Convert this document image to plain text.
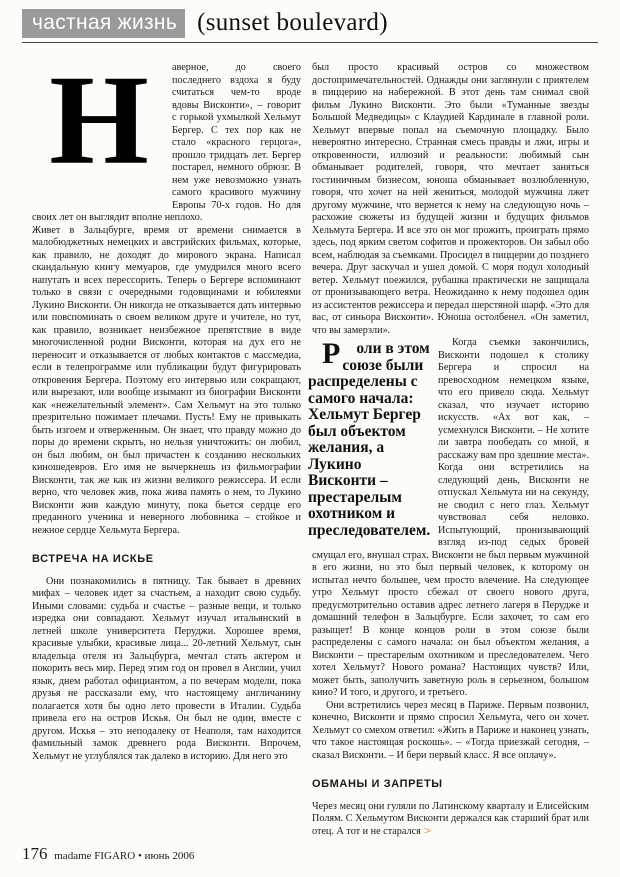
частная жизнь (sunset boulevard)
Н	авернoе, дo своего последнего вздоха я буду считаться чем-то вроде вдовы Висконти», – говорит с горькой ухмылкой Хельмут Бергер. С тех пор как не стало «красного герцога», прошло тридцать лет. Бергер постарел, немного обрюзг. В нем уже невозможно узнать самого красивого мужчину Европы 70-х годов. Но для своих лет он выглядит вполне неплохо.

Живет в Зальцбурге, время от времени снимается в малобюджетных немецких и австрийских фильмах, которые, как правило, не доходят до мирового экрана. Написал скандальную книгу мемуаров, где умудрился много всего напутать и всех перессорить. Теперь о Бергере вспоминают только в связи с очередными годовщинами и юбилеями Лукино Висконти. Он никогда не отказывается дать интервью или повспоминать о своем великом друге и учителе, но тут, как правило, возникает неизбежное препятствие в виде многочисленной родни Висконти, которая на дух его не переносит и отказывается от любых контактов с массмедиа, если в телепрограмме или публикации будут фигурировать откровения Бергера. Поэтому его интервью или сокращают, или вырезают, или вообще изымают из биографии Висконти как «нежелательный элемент». Сам Хельмут на это только презрительно пожимает плечами. Пусть! Ему не привыкать быть изгоем и отверженным. Он знает, что правду можно до поры до времени скрыть, но нельзя уничтожить: он любил, он был любим, он был причастен к созданию нескольких киношедевров. Его имя не вычеркнешь из фильмографии Висконти, так же как из жизни великого режиссера. И если верно, что человек жив, пока жива память о нем, то Лукино Висконти жив каждую минуту, пока бьется сердце его преданного ученика и неверного любовника – стойкое и нежное сердце Хельмута Бергера.

ВСТРЕЧА НА ИСКЬЕ

Они познакомились в пятницу. Так бывает в древних мифах – человек идет за счастьем, а находит свою судьбу. Иными словами: судьба и счастье – разные вещи, и только изредка они совпадают. Хельмут изучал итальянский в летней школе университета Перуджи. Хорошее время, красивые улыбки, красивые лица... 20-летний Хельмут, сын владельца отеля из Зальцбурга, мечтал стать актером и покорить весь мир. Перед этим год он провел в Англии, учил язык, днем работал официантом, а по вечерам модели, пока друзья не рассказали ему, что настоящему англичанину полагается хотя бы одно лето провести в Италии. Судьба привела его на остров Искья. Он был не один, вместе с другом. Искья – это неподалеку от Неаполя, там находится фамильный замок древнего рода Висконти. Впрочем, Хельмут не углублялся так далеко в историю. Для него это

был просто красивый остров со множеством достопримечательностей. Однажды они заглянули с приятелем в пиццерию на набережной. В этот день там снимал свой фильм Лукино Висконти. Это были «Туманные звезды Большой Медведицы» с Клаудией Кардинале в главной роли. Хельмут впервые попал на съемочную площадку. Было невероятно интересно. Странная смесь правды и лжи, игры и откровенности, иллюзий и реальности: любимый сын обманывает родителей, говоря, что мечтает заняться гостиничным бизнесом, юноша обманывает возлюбленную, говоря, что хочет на ней жениться, молодой мужчина лжет другому мужчине, что вернется к нему на следующую ночь – расхожие сюжеты из будущей жизни и будущих фильмов Хельмута Бергера. И все это он мог прожить, проиграть прямо здесь, под ярким светом софитов и прожекторов. Он забыл обо всем, наблюдая за съемками. Просидел в пиццерии до позднего вечера. Друг заскучал и ушел домой. С моря подул холодный ветер. Хельмут поежился, рубашка практически не защищала от пронизывающего ветра. Неожиданно к нему подошел один из ассистентов режиссера и передал шерстяной шарф. «Это для вас, от синьора Висконти». Юноша остолбенел. «Он заметил, что вы замерзли».

Р оли в этом союзе были распределены с самого начала: Хельмут Бергер был объектом желания, а Лукино Висконти – престарелым охотником и преследователем.
Когда съемки закончились, Висконти подошел к столику Бергера и спросил на превосходном немецком языке, что его привело сюда. Хельмут сказал, что изучает историю искусств. «Ах вот как, – усмехнулся Висконти. – Не хотите ли завтра пообедать со мной, я расскажу вам про здешние места». Когда они встретились на следующий день, Висконти не отпускал Хельмута ни на секунду, не сводил с него глаз. Хельмут чувствовал себя неловко. Испытующий, пронизывающий взгляд из-под седых бровей смущал его, внушал страх. Висконти не был первым мужчиной в его жизни, но это был первый человек, к которому он испытал нечто большее, чем просто влечение. На следующее утро Хельмут просто сбежал от своего нового друга, предусмотрительно оставив адрес летнего лагеря в Перудже и домашний телефон в Зальцбурге. Если захочет, то сам его разыщет! В конце концов роли в этом союзе были распределены с самого начала: он был объектом желания, а Висконти – престарелым охотником и преследователем. Чего хотел Хельмут? Нового романа? Настоящих чувств? Или, может быть, заполучить заветную роль в серьезном, большом кино? И того, и другого, и третьего.

Они встретились через месяц в Париже. Первым позвонил, конечно, Висконти и прямо спросил Хельмута, чего он хочет. Хельмут со смехом ответил: «Жить в Париже и наконец узнать, что такое настоящая роскошь». – «Тогда приезжай сегодня, – сказал Висконти. – И бери первый класс. Я все оплачу».

ОБМАНЫ И ЗАПРЕТЫ

Через месяц они гуляли по Латинскому кварталу и Елисейским Полям. С Хельмутом Висконти держался как старший брат или отец. А тот и не старался >

176 madame FIGARO • июнь 2006
